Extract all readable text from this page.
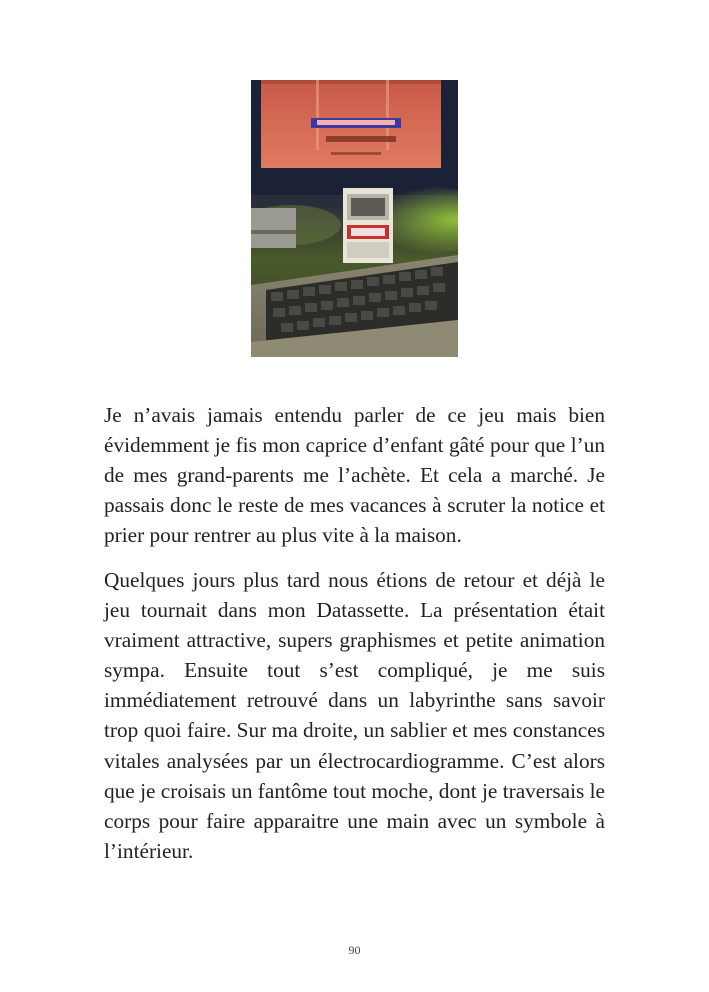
Je n’avais jamais entendu parler de ce jeu mais bien évidemment je fis mon caprice d’enfant gâté pour que l’un de mes grand-parents me l’achète. Et cela a marché. Je passais donc le reste de mes vacances à scruter la notice et prier pour rentrer au plus vite à la maison.

Quelques jours plus tard nous étions de retour et déjà le jeu tournait dans mon Datassette. La présentation était vraiment attractive, supers graphismes et petite animation sympa. Ensuite tout s’est compliqué, je me suis immédiatement retrouvé dans un labyrinthe sans savoir trop quoi faire. Sur ma droite, un sablier et mes constances vitales analysées par un électrocardiogramme. C’est alors que je croisais un fantôme tout moche, dont je traversais le corps pour faire apparaitre une main avec un symbole à l’intérieur.

90
